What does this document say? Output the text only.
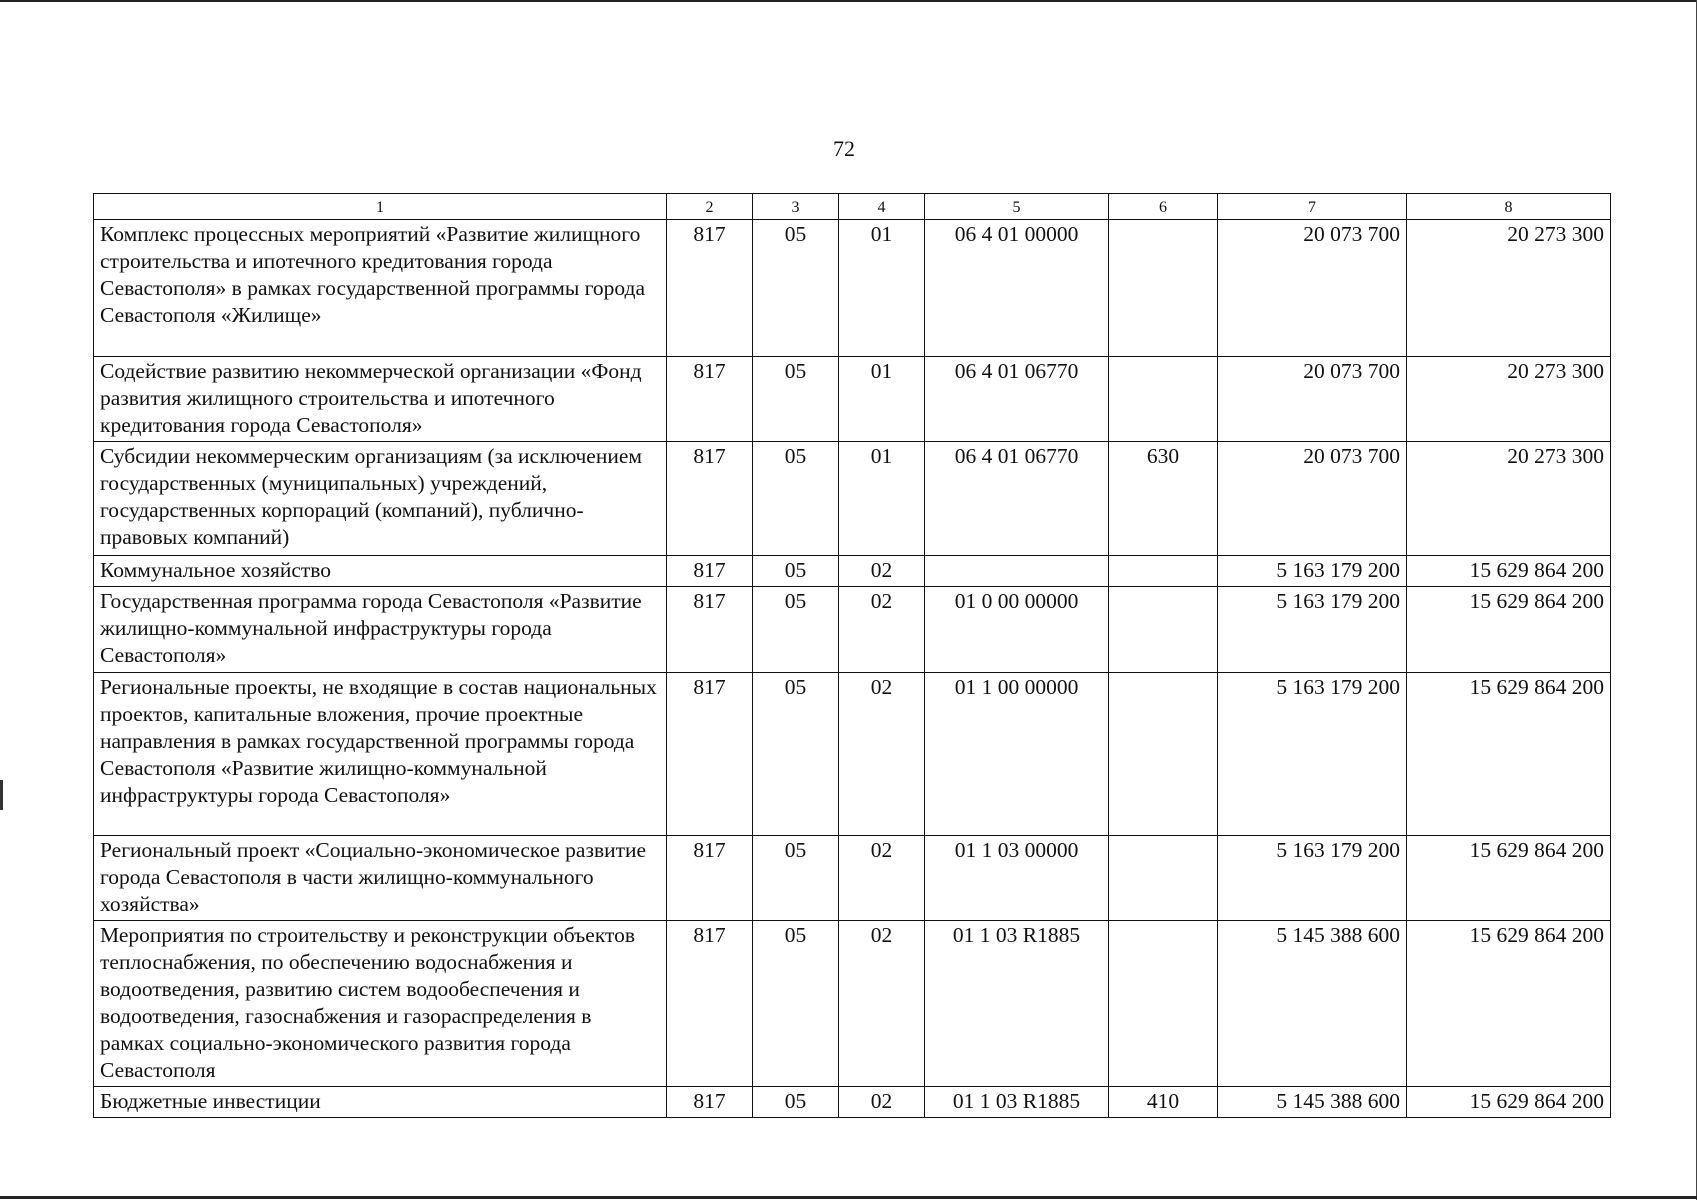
72
1	2	3	4	5	6	7	8
Комплекс процессных мероприятий «Развитие жилищного строительства и ипотечного кредитования города Севастополя» в рамках государственной программы города Севастополя «Жилище»	817	05	01	06 4 01 00000		20 073 700	20 273 300
Содействие развитию некоммерческой организации «Фонд развития жилищного строительства и ипотечного кредитования города Севастополя»	817	05	01	06 4 01 06770		20 073 700	20 273 300
Субсидии некоммерческим организациям (за исключением государственных (муниципальных) учреждений, государственных корпораций (компаний), публично-правовых компаний)	817	05	01	06 4 01 06770	630	20 073 700	20 273 300
Коммунальное хозяйство	817	05	02			5 163 179 200	15 629 864 200
Государственная программа города Севастополя «Развитие жилищно-коммунальной инфраструктуры города Севастополя»	817	05	02	01 0 00 00000		5 163 179 200	15 629 864 200
Региональные проекты, не входящие в состав национальных проектов, капитальные вложения, прочие проектные направления в рамках государственной программы города Севастополя «Развитие жилищно-коммунальной инфраструктуры города Севастополя»	817	05	02	01 1 00 00000		5 163 179 200	15 629 864 200
Региональный проект «Социально-экономическое развитие города Севастополя в части жилищно-коммунального хозяйства»	817	05	02	01 1 03 00000		5 163 179 200	15 629 864 200
Мероприятия по строительству и реконструкции объектов теплоснабжения, по обеспечению водоснабжения и водоотведения, развитию систем водообеспечения и водоотведения, газоснабжения и газораспределения в рамках социально-экономического развития города Севастополя	817	05	02	01 1 03 R1885		5 145 388 600	15 629 864 200
Бюджетные инвестиции	817	05	02	01 1 03 R1885	410	5 145 388 600	15 629 864 200
